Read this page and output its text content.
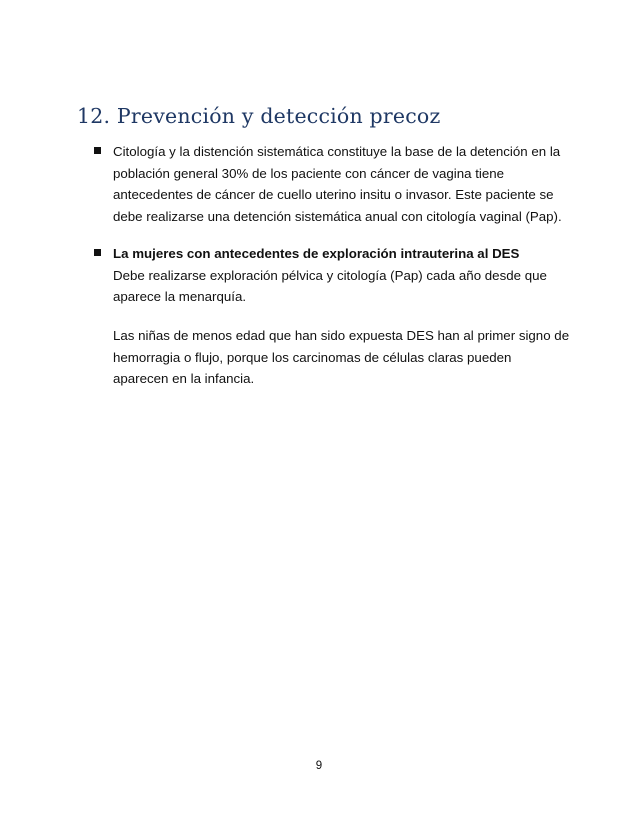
12. Prevención y detección precoz

Citología y la distención sistemática constituye la base de la detención en la
población general 30% de los paciente con cáncer de vagina tiene
antecedentes de cáncer de cuello uterino insitu o invasor. Este paciente se
debe realizarse una detención sistemática anual con citología vaginal (Pap).

La mujeres con antecedentes de exploración intrauterina al DES
Debe realizarse exploración pélvica y citología (Pap) cada año desde que
aparece la menarquía.

Las niñas de menos edad que han sido expuesta DES han al primer signo de
hemorragia o flujo, porque los carcinomas de células claras pueden
aparecen en la infancia.

9
